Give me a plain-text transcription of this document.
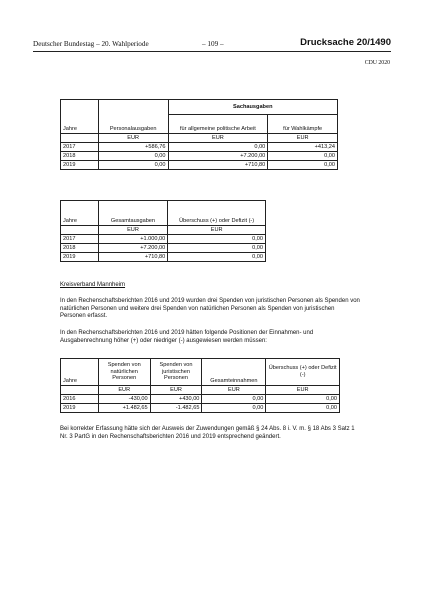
Deutscher Bundestag – 20. Wahlperiode	– 109 –	Drucksache 20/1490
CDU 2020
Jahre	Personalausgaben	Sachausgaben	
		für allgemeine politische Arbeit	für Wahlkämpfe
	EUR	EUR	EUR
2017	+586,76	0,00	+413,24
2018	0,00	+7.200,00	0,00
2019	0,00	+710,80	0,00
Jahre	Gesamtausgaben	Überschuss (+) oder Defizit (-)
	EUR	EUR
2017	+1.000,00	0,00
2018	+7.200,00	0,00
2019	+710,80	0,00
Kreisverband Mannheim
In den Rechenschaftsberichten 2016 und 2019 wurden drei Spenden von juristischen Personen als Spenden von natürlichen Personen und weitere drei Spenden von natürlichen Personen als Spenden von juristischen Personen erfasst.
In den Rechenschaftsberichten 2016 und 2019 hätten folgende Positionen der Einnahmen- und Ausgabenrechnung höher (+) oder niedriger (-) ausgewiesen werden müssen:
Jahre	Spenden von natürlichen Personen	Spenden von juristischen Personen	Gesamteinnahmen	Überschuss (+) oder Defizit (-)
	EUR	EUR	EUR	EUR
2016	-430,00	+430,00	0,00	0,00
2019	+1.482,65	-1.482,65	0,00	0,00
Bei korrekter Erfassung hätte sich der Ausweis der Zuwendungen gemäß § 24 Abs. 8 i. V. m. § 18 Abs 3 Satz 1 Nr. 3 PartG in den Rechenschaftsberichten 2016 und 2019 entsprechend geändert.
